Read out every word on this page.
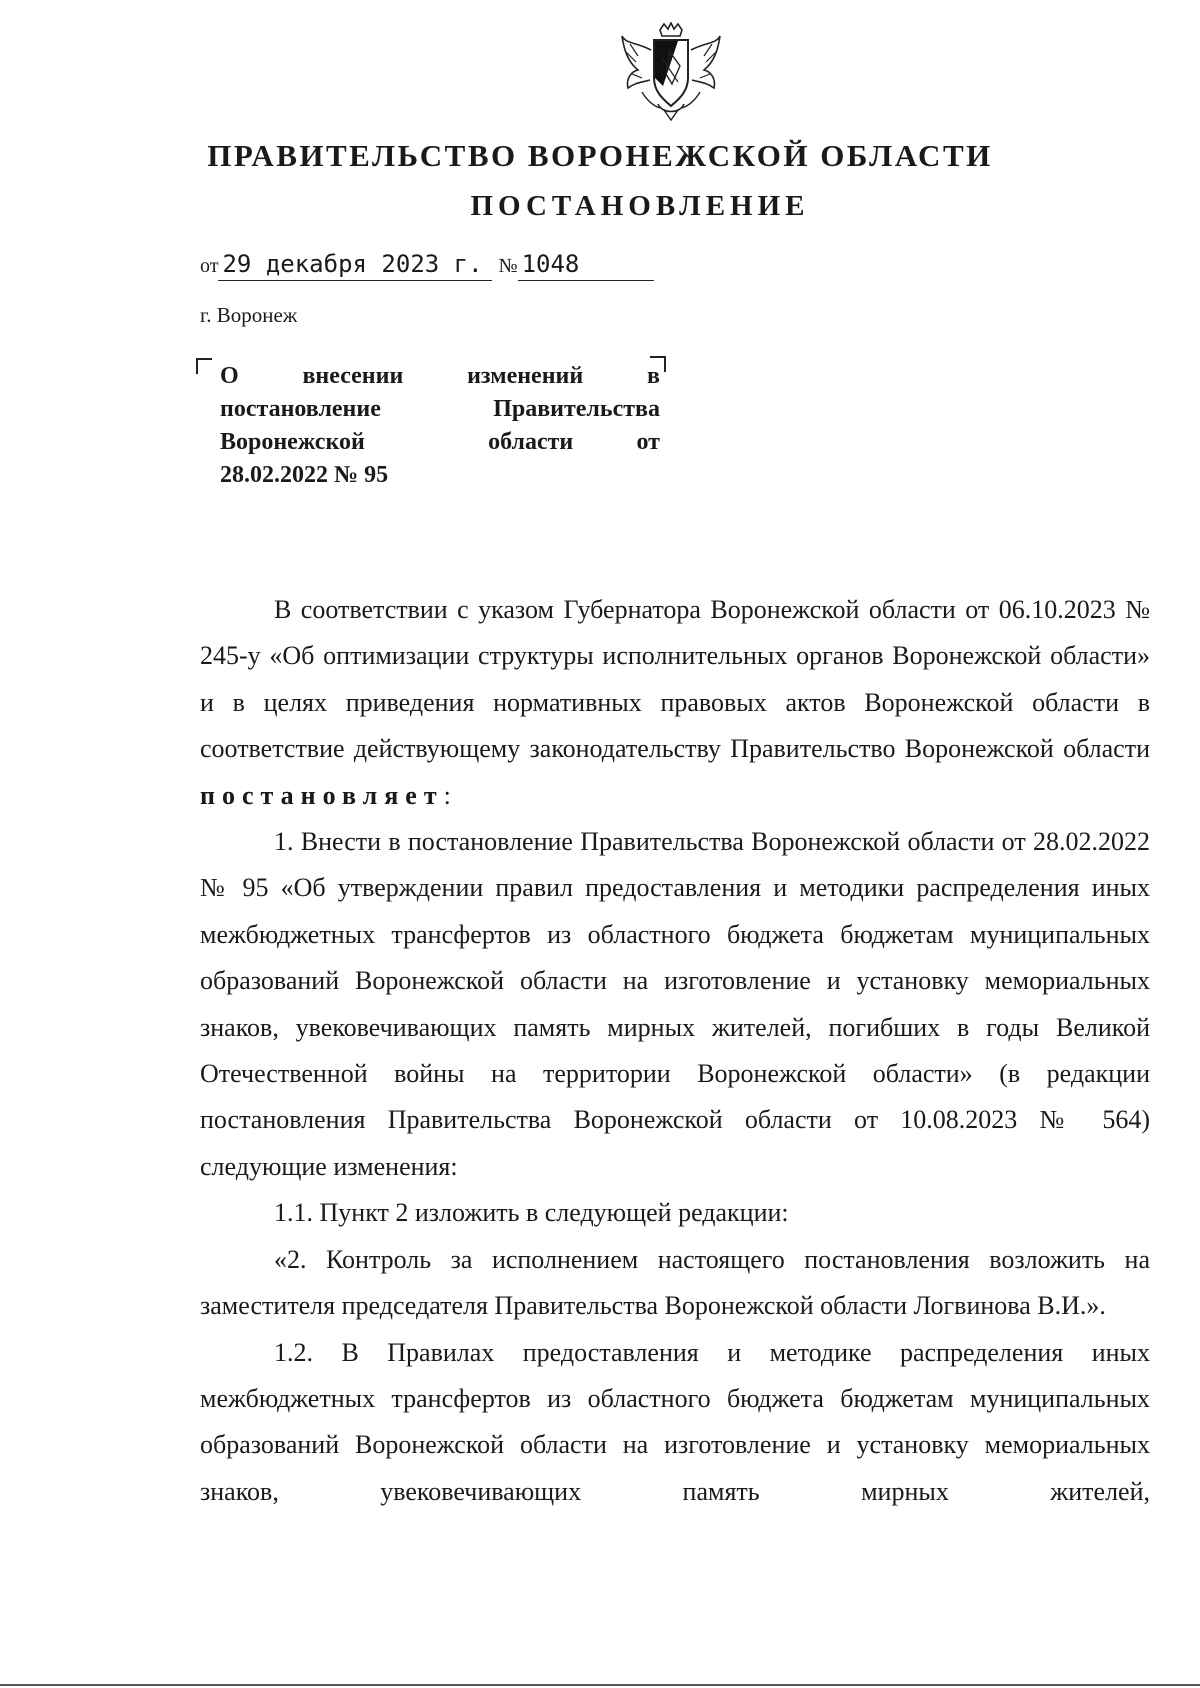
ПРАВИТЕЛЬСТВО ВОРОНЕЖСКОЙ ОБЛАСТИ
ПОСТАНОВЛЕНИЕ
от 29 декабря 2023 г. № 1048
г. Воронеж
О	внесении	изменений	в
постановление	Правительства
Воронежской	области	от
28.02.2022 № 95

В соответствии с указом Губернатора Воронежской области от 06.10.2023 № 245-у «Об оптимизации структуры исполнительных органов Воронежской области» и в целях приведения нормативных правовых актов Воронежской области в соответствие действующему законодательству Правительство Воронежской области постановляет:

1. Внести в постановление Правительства Воронежской области от 28.02.2022 № 95 «Об утверждении правил предоставления и методики распределения иных межбюджетных трансфертов из областного бюджета бюджетам муниципальных образований Воронежской области на изготовление и установку мемориальных знаков, увековечивающих память мирных жителей, погибших в годы Великой Отечественной войны на территории Воронежской области» (в редакции постановления Правительства Воронежской области от 10.08.2023 № 564) следующие изменения:

1.1. Пункт 2 изложить в следующей редакции:

«2. Контроль за исполнением настоящего постановления возложить на заместителя председателя Правительства Воронежской области Логвинова В.И.».

1.2. В Правилах предоставления и методике распределения иных межбюджетных трансфертов из областного бюджета бюджетам муниципальных образований Воронежской области на изготовление и установку мемориальных знаков, увековечивающих память мирных жителей,
